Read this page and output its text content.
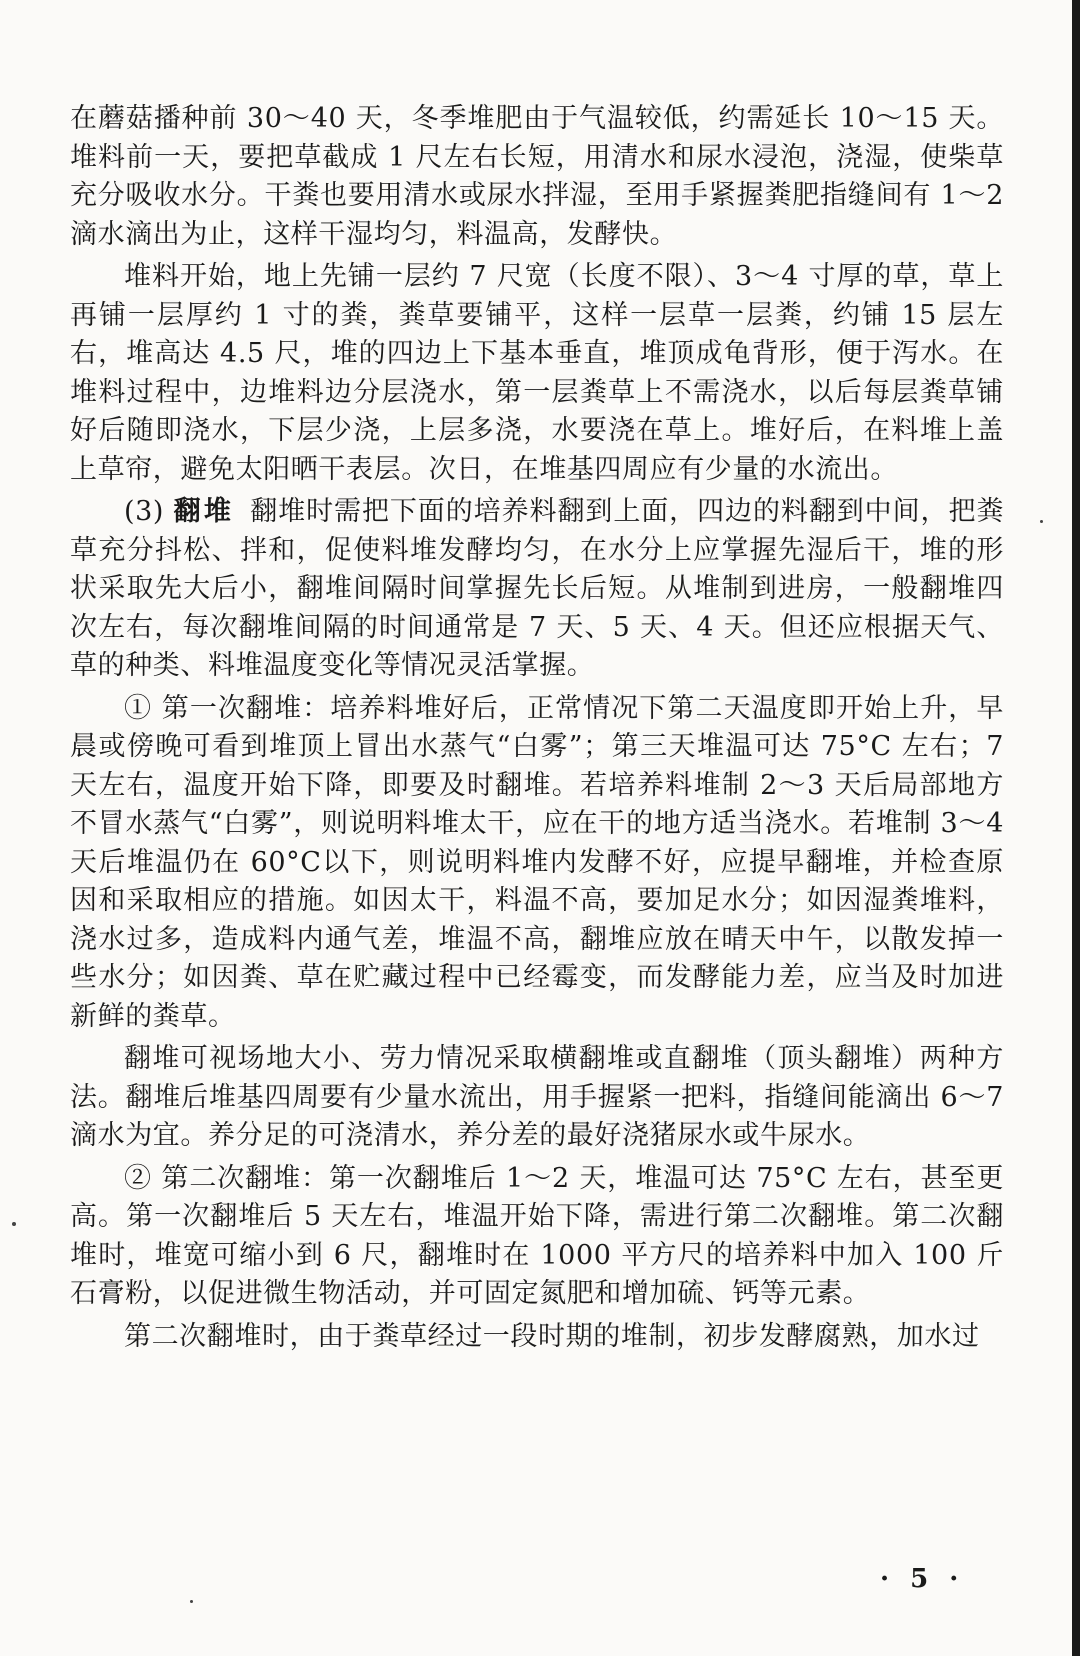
在蘑菇播种前 30～40 天，冬季堆肥由于气温较低，约需延长 10～15 天。堆料前一天，要把草截成 1 尺左右长短，用清水和尿水浸泡，浇湿，使柴草充分吸收水分。干粪也要用清水或尿水拌湿，至用手紧握粪肥指缝间有 1～2 滴水滴出为止，这样干湿均匀，料温高，发酵快。

堆料开始，地上先铺一层约 7 尺宽（长度不限）、3～4 寸厚的草，草上再铺一层厚约 1 寸的粪，粪草要铺平，这样一层草一层粪，约铺 15 层左右，堆高达 4.5 尺，堆的四边上下基本垂直，堆顶成龟背形，便于泻水。在堆料过程中，边堆料边分层浇水，第一层粪草上不需浇水，以后每层粪草铺好后随即浇水，下层少浇，上层多浇，水要浇在草上。堆好后，在料堆上盖上草帘，避免太阳晒干表层。次日，在堆基四周应有少量的水流出。

(3) 翻堆 翻堆时需把下面的培养料翻到上面，四边的料翻到中间，把粪草充分抖松、拌和，促使料堆发酵均匀，在水分上应掌握先湿后干，堆的形状采取先大后小，翻堆间隔时间掌握先长后短。从堆制到进房，一般翻堆四次左右，每次翻堆间隔的时间通常是 7 天、5 天、4 天。但还应根据天气、草的种类、料堆温度变化等情况灵活掌握。

① 第一次翻堆：培养料堆好后，正常情况下第二天温度即开始上升，早晨或傍晚可看到堆顶上冒出水蒸气“白雾”；第三天堆温可达 75°C 左右；7 天左右，温度开始下降，即要及时翻堆。若培养料堆制 2～3 天后局部地方不冒水蒸气“白雾”，则说明料堆太干，应在干的地方适当浇水。若堆制 3～4 天后堆温仍在 60°C以下，则说明料堆内发酵不好，应提早翻堆，并检查原因和采取相应的措施。如因太干，料温不高，要加足水分；如因湿粪堆料，浇水过多，造成料内通气差，堆温不高，翻堆应放在晴天中午，以散发掉一些水分；如因粪、草在贮藏过程中已经霉变，而发酵能力差，应当及时加进新鲜的粪草。

翻堆可视场地大小、劳力情况采取横翻堆或直翻堆（顶头翻堆）两种方法。翻堆后堆基四周要有少量水流出，用手握紧一把料，指缝间能滴出 6～7 滴水为宜。养分足的可浇清水，养分差的最好浇猪尿水或牛尿水。

② 第二次翻堆：第一次翻堆后 1～2 天，堆温可达 75°C 左右，甚至更高。第一次翻堆后 5 天左右，堆温开始下降，需进行第二次翻堆。第二次翻堆时，堆宽可缩小到 6 尺，翻堆时在 1000 平方尺的培养料中加入 100 斤石膏粉，以促进微生物活动，并可固定氮肥和增加硫、钙等元素。

第二次翻堆时，由于粪草经过一段时期的堆制，初步发酵腐熟，加水过

· 5 ·
